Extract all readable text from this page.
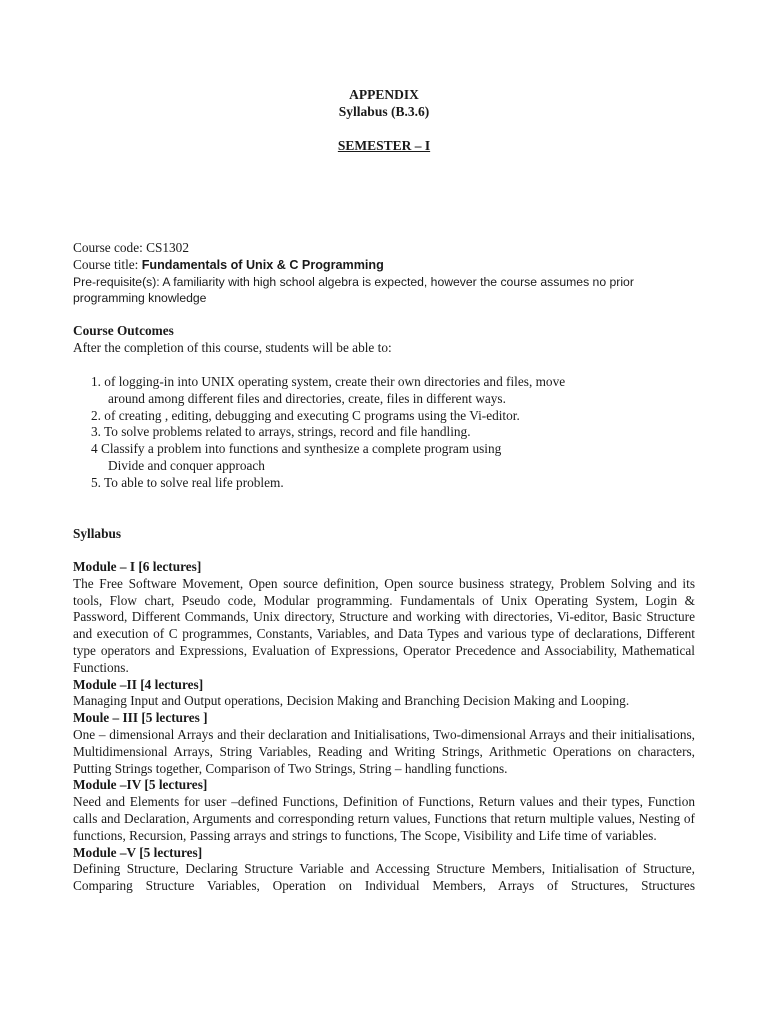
APPENDIX
Syllabus (B.3.6)
SEMESTER – I
Course code: CS1302
Course title: Fundamentals of Unix & C Programming
Pre-requisite(s): A familiarity with high school algebra is expected, however the course assumes no prior
programming knowledge
Course Outcomes
After the completion of this course, students will be able to:
1. of logging-in into UNIX operating system, create their own directories and files, move
around among different files and directories, create, files in different ways.
2. of creating , editing, debugging and executing C programs using the Vi-editor.
3. To solve problems related to arrays, strings, record and file handling.
4 Classify a problem into functions and synthesize a complete program using
Divide and conquer approach
5. To able to solve real life problem.
Syllabus
Module – I [6 lectures]
The Free Software Movement, Open source definition, Open source business strategy, Problem Solving and its tools, Flow chart, Pseudo code, Modular programming. Fundamentals of Unix Operating System, Login & Password, Different Commands, Unix directory, Structure and working with directories, Vi-editor, Basic Structure and execution of C programmes, Constants, Variables, and Data Types and various type of declarations, Different type operators and Expressions, Evaluation of Expressions, Operator Precedence and Associability, Mathematical Functions.
Module –II [4 lectures]
Managing Input and Output operations, Decision Making and Branching Decision Making and Looping.
Moule – III [5 lectures ]
One – dimensional Arrays and their declaration and Initialisations, Two-dimensional Arrays and their initialisations, Multidimensional Arrays, String Variables, Reading and Writing Strings, Arithmetic Operations on characters, Putting Strings together, Comparison of Two Strings, String – handling functions.
Module –IV [5 lectures]
Need and Elements for user –defined Functions, Definition of Functions, Return values and their types, Function calls and Declaration, Arguments and corresponding return values, Functions that return multiple values, Nesting of functions, Recursion, Passing arrays and strings to functions, The Scope, Visibility and Life time of variables.
Module –V [5 lectures]
Defining Structure, Declaring Structure Variable and Accessing Structure Members, Initialisation of Structure, Comparing Structure Variables, Operation on Individual Members, Arrays of Structures, Structures
